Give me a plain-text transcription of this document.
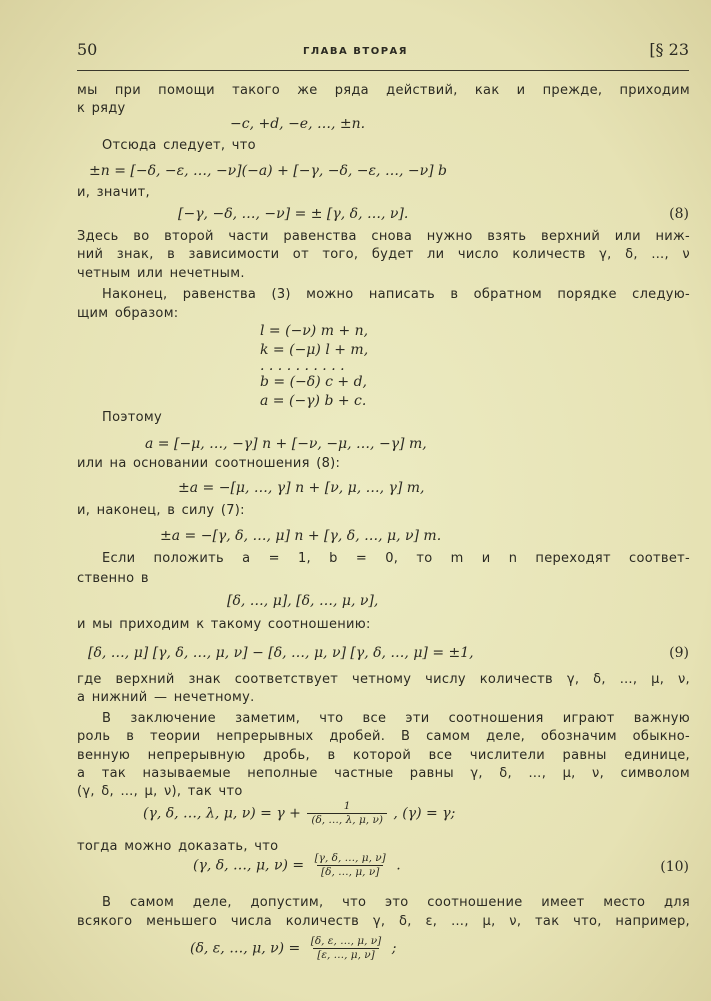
50	ГЛАВА ВТОРАЯ	[§ 23
мы при помощи такого же ряда действий, как и прежде, приходим
к ряду
−c, +d, −e, …, ±n.
Отсюда следует, что
±n = [−δ, −ε, …, −ν](−a) + [−γ, −δ, −ε, …, −ν] b
и, значит,
[−γ, −δ, …, −ν] = ± [γ, δ, …, ν].	(8)
Здесь во второй части равенства снова нужно взять верхний или ниж-
ний знак, в зависимости от того, будет ли число количеств γ, δ, …, ν
четным или нечетным.
Наконец, равенства (3) можно написать в обратном порядке следую-
щим образом:
l = (−ν) m + n,
k = (−μ) l + m,
. . . . . . . . . .
b = (−δ) c + d,
a = (−γ) b + c.
Поэтому
a = [−μ, …, −γ] n + [−ν, −μ, …, −γ] m,
или на основании соотношения (8):
±a = −[μ, …, γ] n + [ν, μ, …, γ] m,
и, наконец, в силу (7):
±a = −[γ, δ, …, μ] n + [γ, δ, …, μ, ν] m.
Если положить a = 1, b = 0, то m и n переходят соответ-
ственно в
[δ, …, μ], [δ, …, μ, ν],
и мы приходим к такому соотношению:
[δ, …, μ] [γ, δ, …, μ, ν] − [δ, …, μ, ν] [γ, δ, …, μ] = ±1,	(9)
где верхний знак соответствует четному числу количеств γ, δ, …, μ, ν,
а нижний — нечетному.
В заключение заметим, что все эти соотношения играют важную
роль в теории непрерывных дробей. В самом деле, обозначим обыкно-
венную непрерывную дробь, в которой все числители равны единице,
а так называемые неполные частные равны γ, δ, …, μ, ν, символом
(γ, δ, …, μ, ν), так что
(γ, δ, …, λ, μ, $\nu) = \gamma + \frac{1}{(\delta, \dots, \lambda, \mu, \nu)}$ , (γ) = γ;
тогда можно доказать, что
(γ, δ, …, μ, $\nu) = \frac{[\gamma, \delta, \dots, \mu, \nu]}{[\delta, \dots, \mu, \nu]}$ .	(10)
В самом деле, допустим, что это соотношение имеет место для
всякого меньшего числа количеств γ, δ, ε, …, μ, ν, так что, например,
(δ, ε, …, μ, $\nu) = \frac{[\delta, \varepsilon, \dots, \mu, \nu]}{[\varepsilon, \dots, \mu, \nu]}$ ;
